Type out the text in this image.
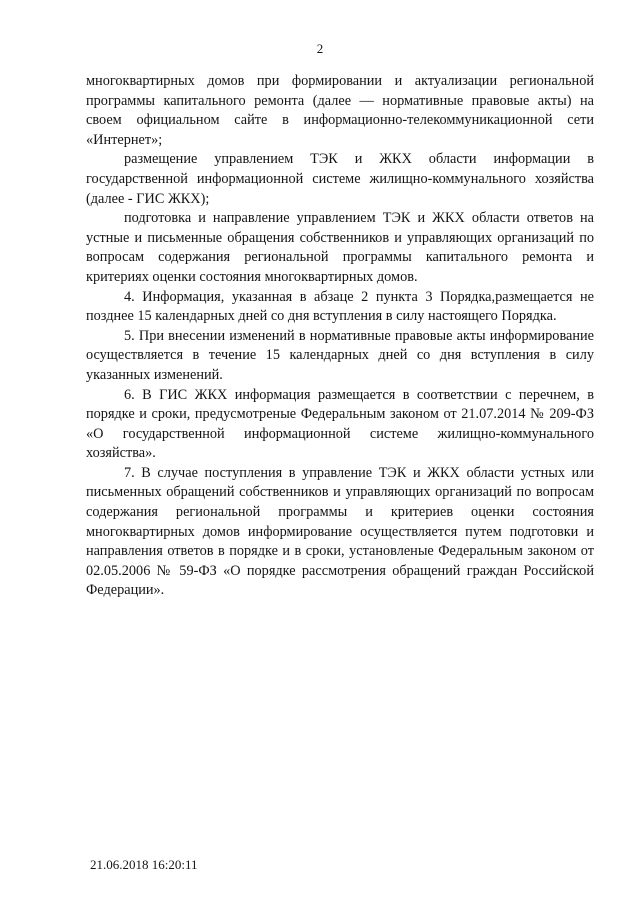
2

многоквартирных домов при формировании и актуализации региональной программы капитального ремонта (далее — нормативные правовые акты) на своем официальном сайте в информационно-телекоммуникационной сети «Интернет»;

размещение управлением ТЭК и ЖКХ области информации в государственной информационной системе жилищно-коммунального хозяйства (далее - ГИС ЖКХ);

подготовка и направление управлением ТЭК и ЖКХ области ответов на устные и письменные обращения собственников и управляющих организаций по вопросам содержания региональной программы капитального ремонта и критериях оценки состояния многоквартирных домов.

4. Информация, указанная в абзаце 2 пункта 3 Порядка,размещается не позднее 15 календарных дней со дня вступления в силу настоящего Порядка.

5. При внесении изменений в нормативные правовые акты информирование осуществляется в течение 15 календарных дней со дня вступления в силу указанных изменений.

6. В ГИС ЖКХ информация размещается в соответствии с перечнем, в порядке и сроки, предусмотреные Федеральным законом от 21.07.2014 № 209-ФЗ «О государственной информационной системе жилищно-коммунального хозяйства».

7. В случае поступления в управление ТЭК и ЖКХ области устных или письменных обращений собственников и управляющих организаций по вопросам содержания региональной программы и критериев оценки состояния многоквартирных домов информирование осуществляется путем подготовки и направления ответов в порядке и в сроки, установленые Федеральным законом от 02.05.2006 № 59-ФЗ «О порядке рассмотрения обращений граждан Российской Федерации».

21.06.2018 16:20:11
